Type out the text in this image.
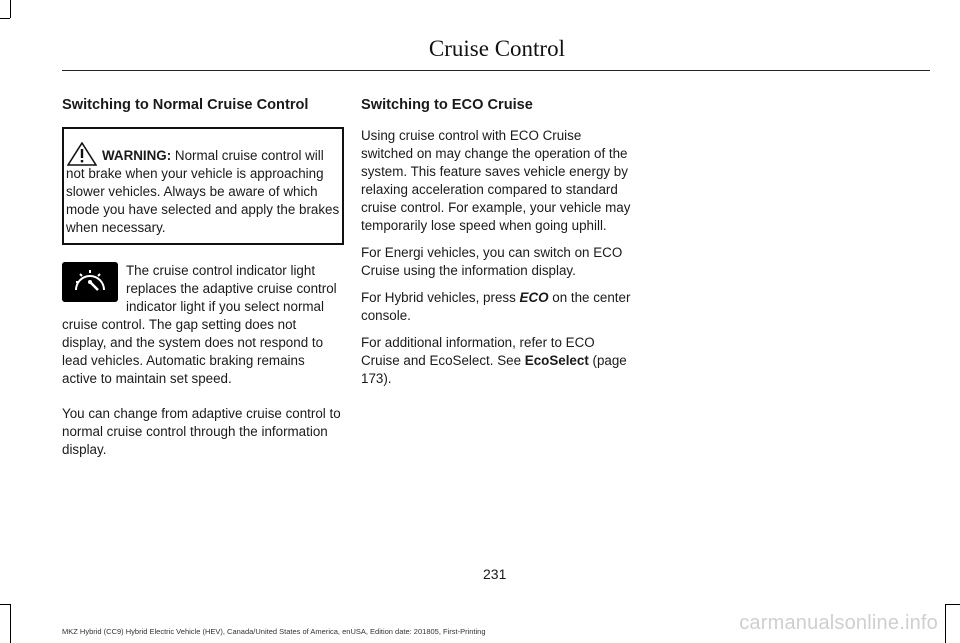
Cruise Control
Switching to Normal Cruise Control
WARNING: Normal cruise control will not brake when your vehicle is approaching slower vehicles. Always be aware of which mode you have selected and apply the brakes when necessary.

The cruise control indicator light replaces the adaptive cruise control indicator light if you select normal cruise control. The gap setting does not display, and the system does not respond to lead vehicles. Automatic braking remains active to maintain set speed.

You can change from adaptive cruise control to normal cruise control through the information display.

Switching to ECO Cruise

Using cruise control with ECO Cruise switched on may change the operation of the system. This feature saves vehicle energy by relaxing acceleration compared to standard cruise control. For example, your vehicle may temporarily lose speed when going uphill.

For Energi vehicles, you can switch on ECO Cruise using the information display.

For Hybrid vehicles, press ECO on the center console.

For additional information, refer to ECO Cruise and EcoSelect. See EcoSelect (page 173).

231
MKZ Hybrid (CC9) Hybrid Electric Vehicle (HEV), Canada/United States of America, enUSA, Edition date: 201805, First-Printing	carmanualsonline.info
